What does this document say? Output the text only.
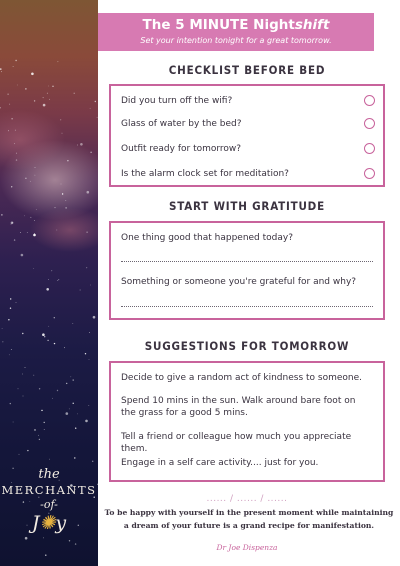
the
MERCHANTS
-of-
J✺y
The 5 MINUTE Nightshift
Set your intention tonight for a great tomorrow.
CHECKLIST BEFORE BED
Did you turn off the wifi?
Glass of water by the bed?
Outfit ready for tomorrow?
Is the alarm clock set for meditation?
START WITH GRATITUDE
One thing good that happened today?
Something or someone you're grateful for and why?
SUGGESTIONS FOR TOMORROW
Decide to give a random act of kindness to someone.
Spend 10 mins in the sun. Walk around bare foot on the grass for a good 5 mins.
Tell a friend or colleague how much you appreciate them.
Engage in a self care activity.... just for you.
...... / ...... / ......
To be happy with yourself in the present moment while maintaining a dream of your future is a grand recipe for manifestation.
Dr Joe Dispenza
